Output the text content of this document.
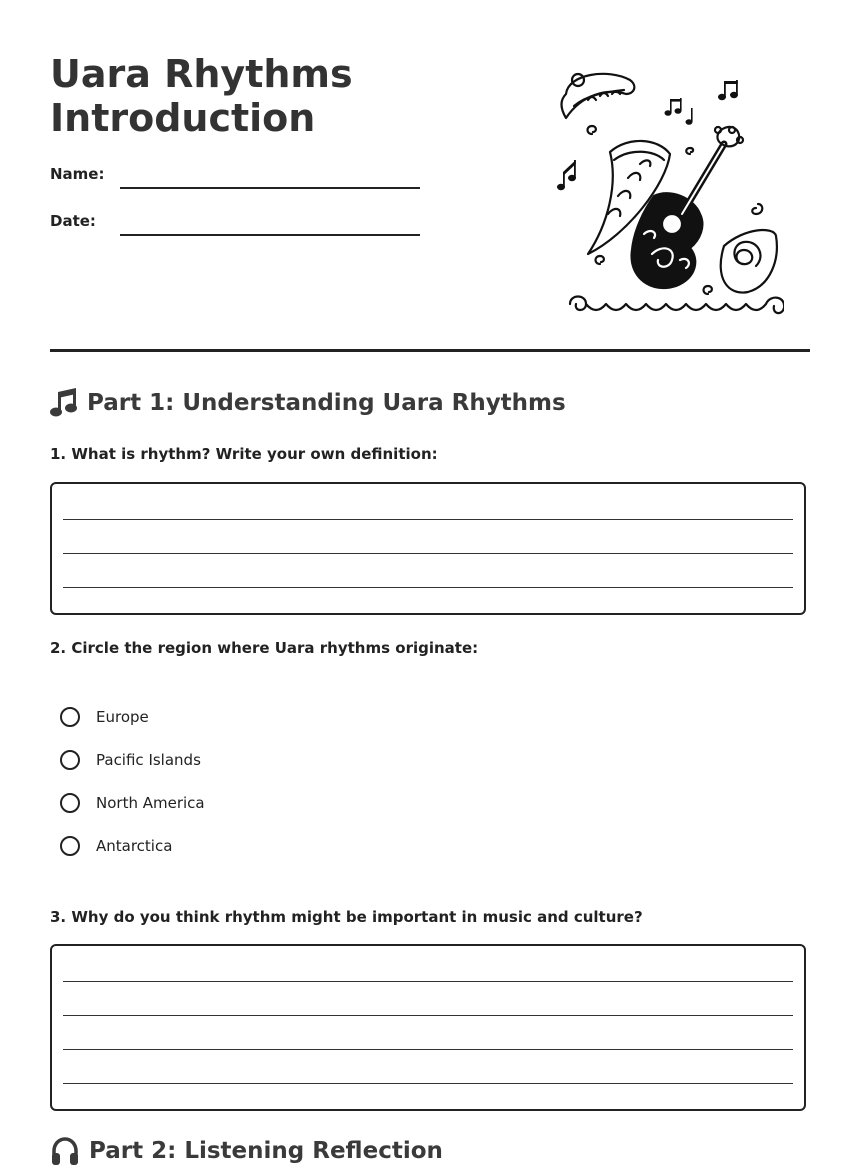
Uara Rhythms
Introduction
Name:
Date:
Part 1: Understanding Uara Rhythms
1. What is rhythm? Write your own definition:
2. Circle the region where Uara rhythms originate:
Europe
Pacific Islands
North America
Antarctica
3. Why do you think rhythm might be important in music and culture?
Part 2: Listening Reflection
